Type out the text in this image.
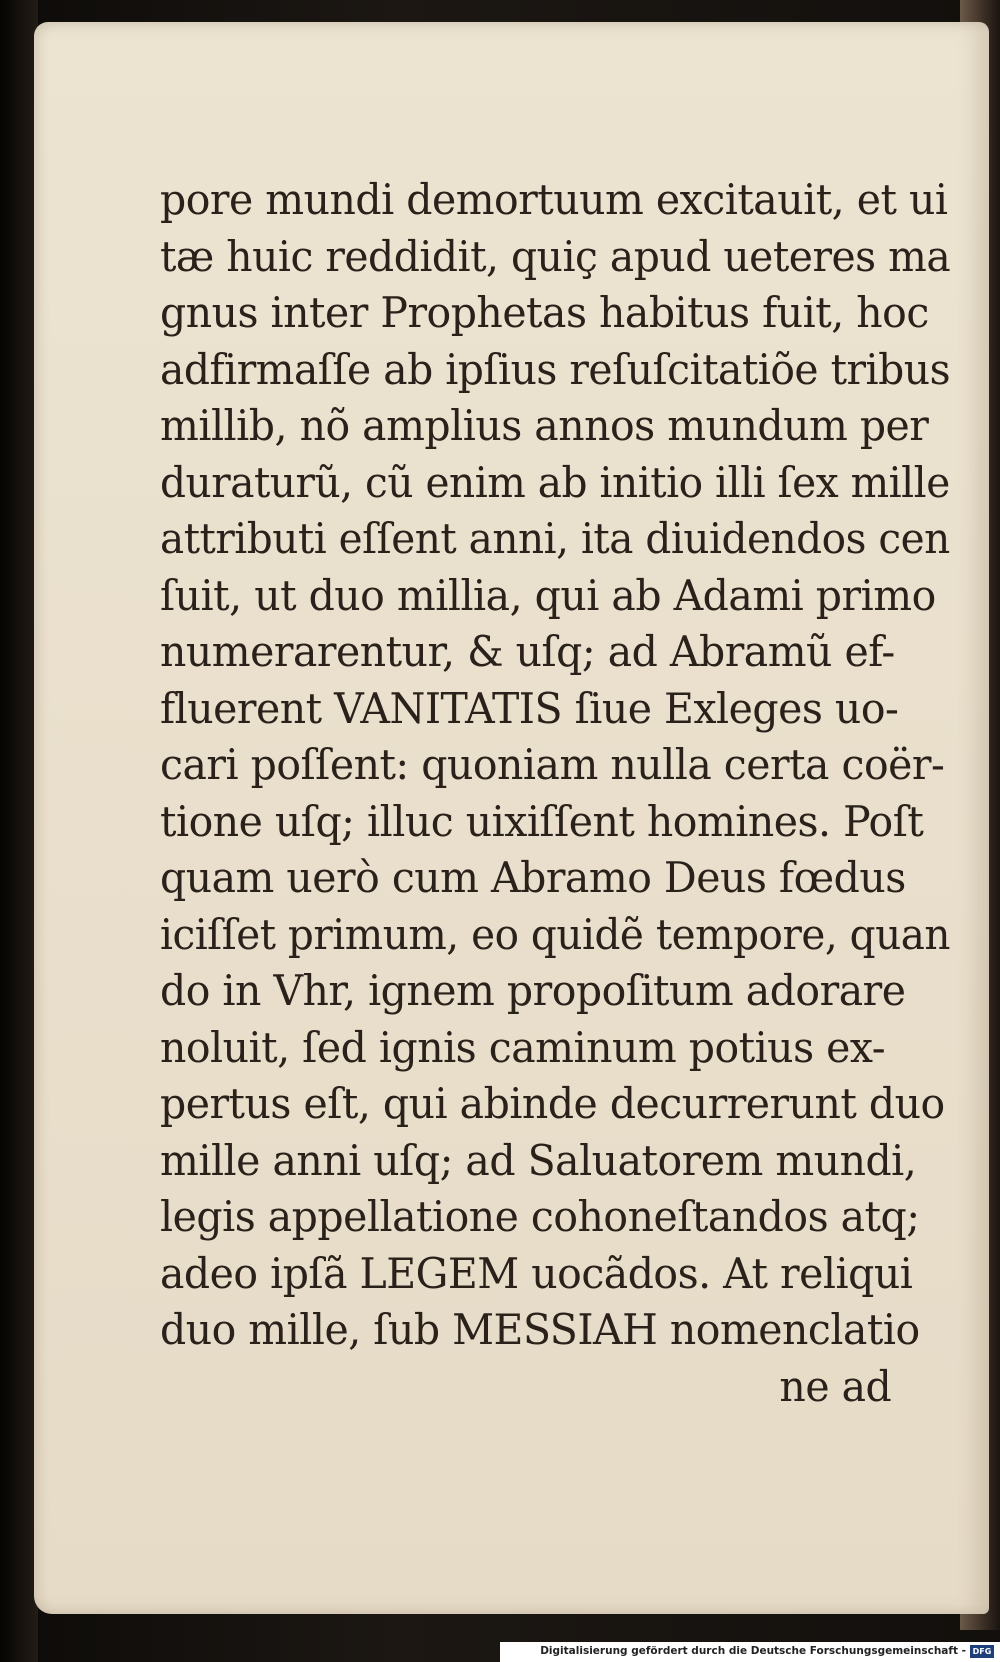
pore mundi demortuum excitauit, et ui
tæ huic reddidit, quiç apud ueteres ma
gnus inter Prophetas habitus fuit, hoc
adfirmaſſe ab ipſius reſuſcitatiõe tribus
millib, nõ amplius annos mundum per
duraturũ, cũ enim ab initio illi ſex mille
attributi eſſent anni, ita diuidendos cen
ſuit, ut duo millia, qui ab Adami primo
numerarentur, & uſq; ad Abramũ ef-
fluerent VANITATIS ſiue Exleges uo-
cari poſſent: quoniam nulla certa coër-
tione uſq; illuc uixiſſent homines. Poſt
quam uerò cum Abramo Deus fœdus
iciſſet primum, eo quidẽ tempore, quan
do in Vhr, ignem propoſitum adorare
noluit, ſed ignis caminum potius ex-
pertus eſt, qui abinde decurrerunt duo
mille anni uſq; ad Saluatorem mundi,
legis appellatione cohoneſtandos atq;
adeo ipſã LEGEM uocãdos. At reliqui
duo mille, ſub MESSIAH nomenclatio
ne ad
Digitalisierung gefördert durch die Deutsche Forschungsgemeinschaft - DFG
